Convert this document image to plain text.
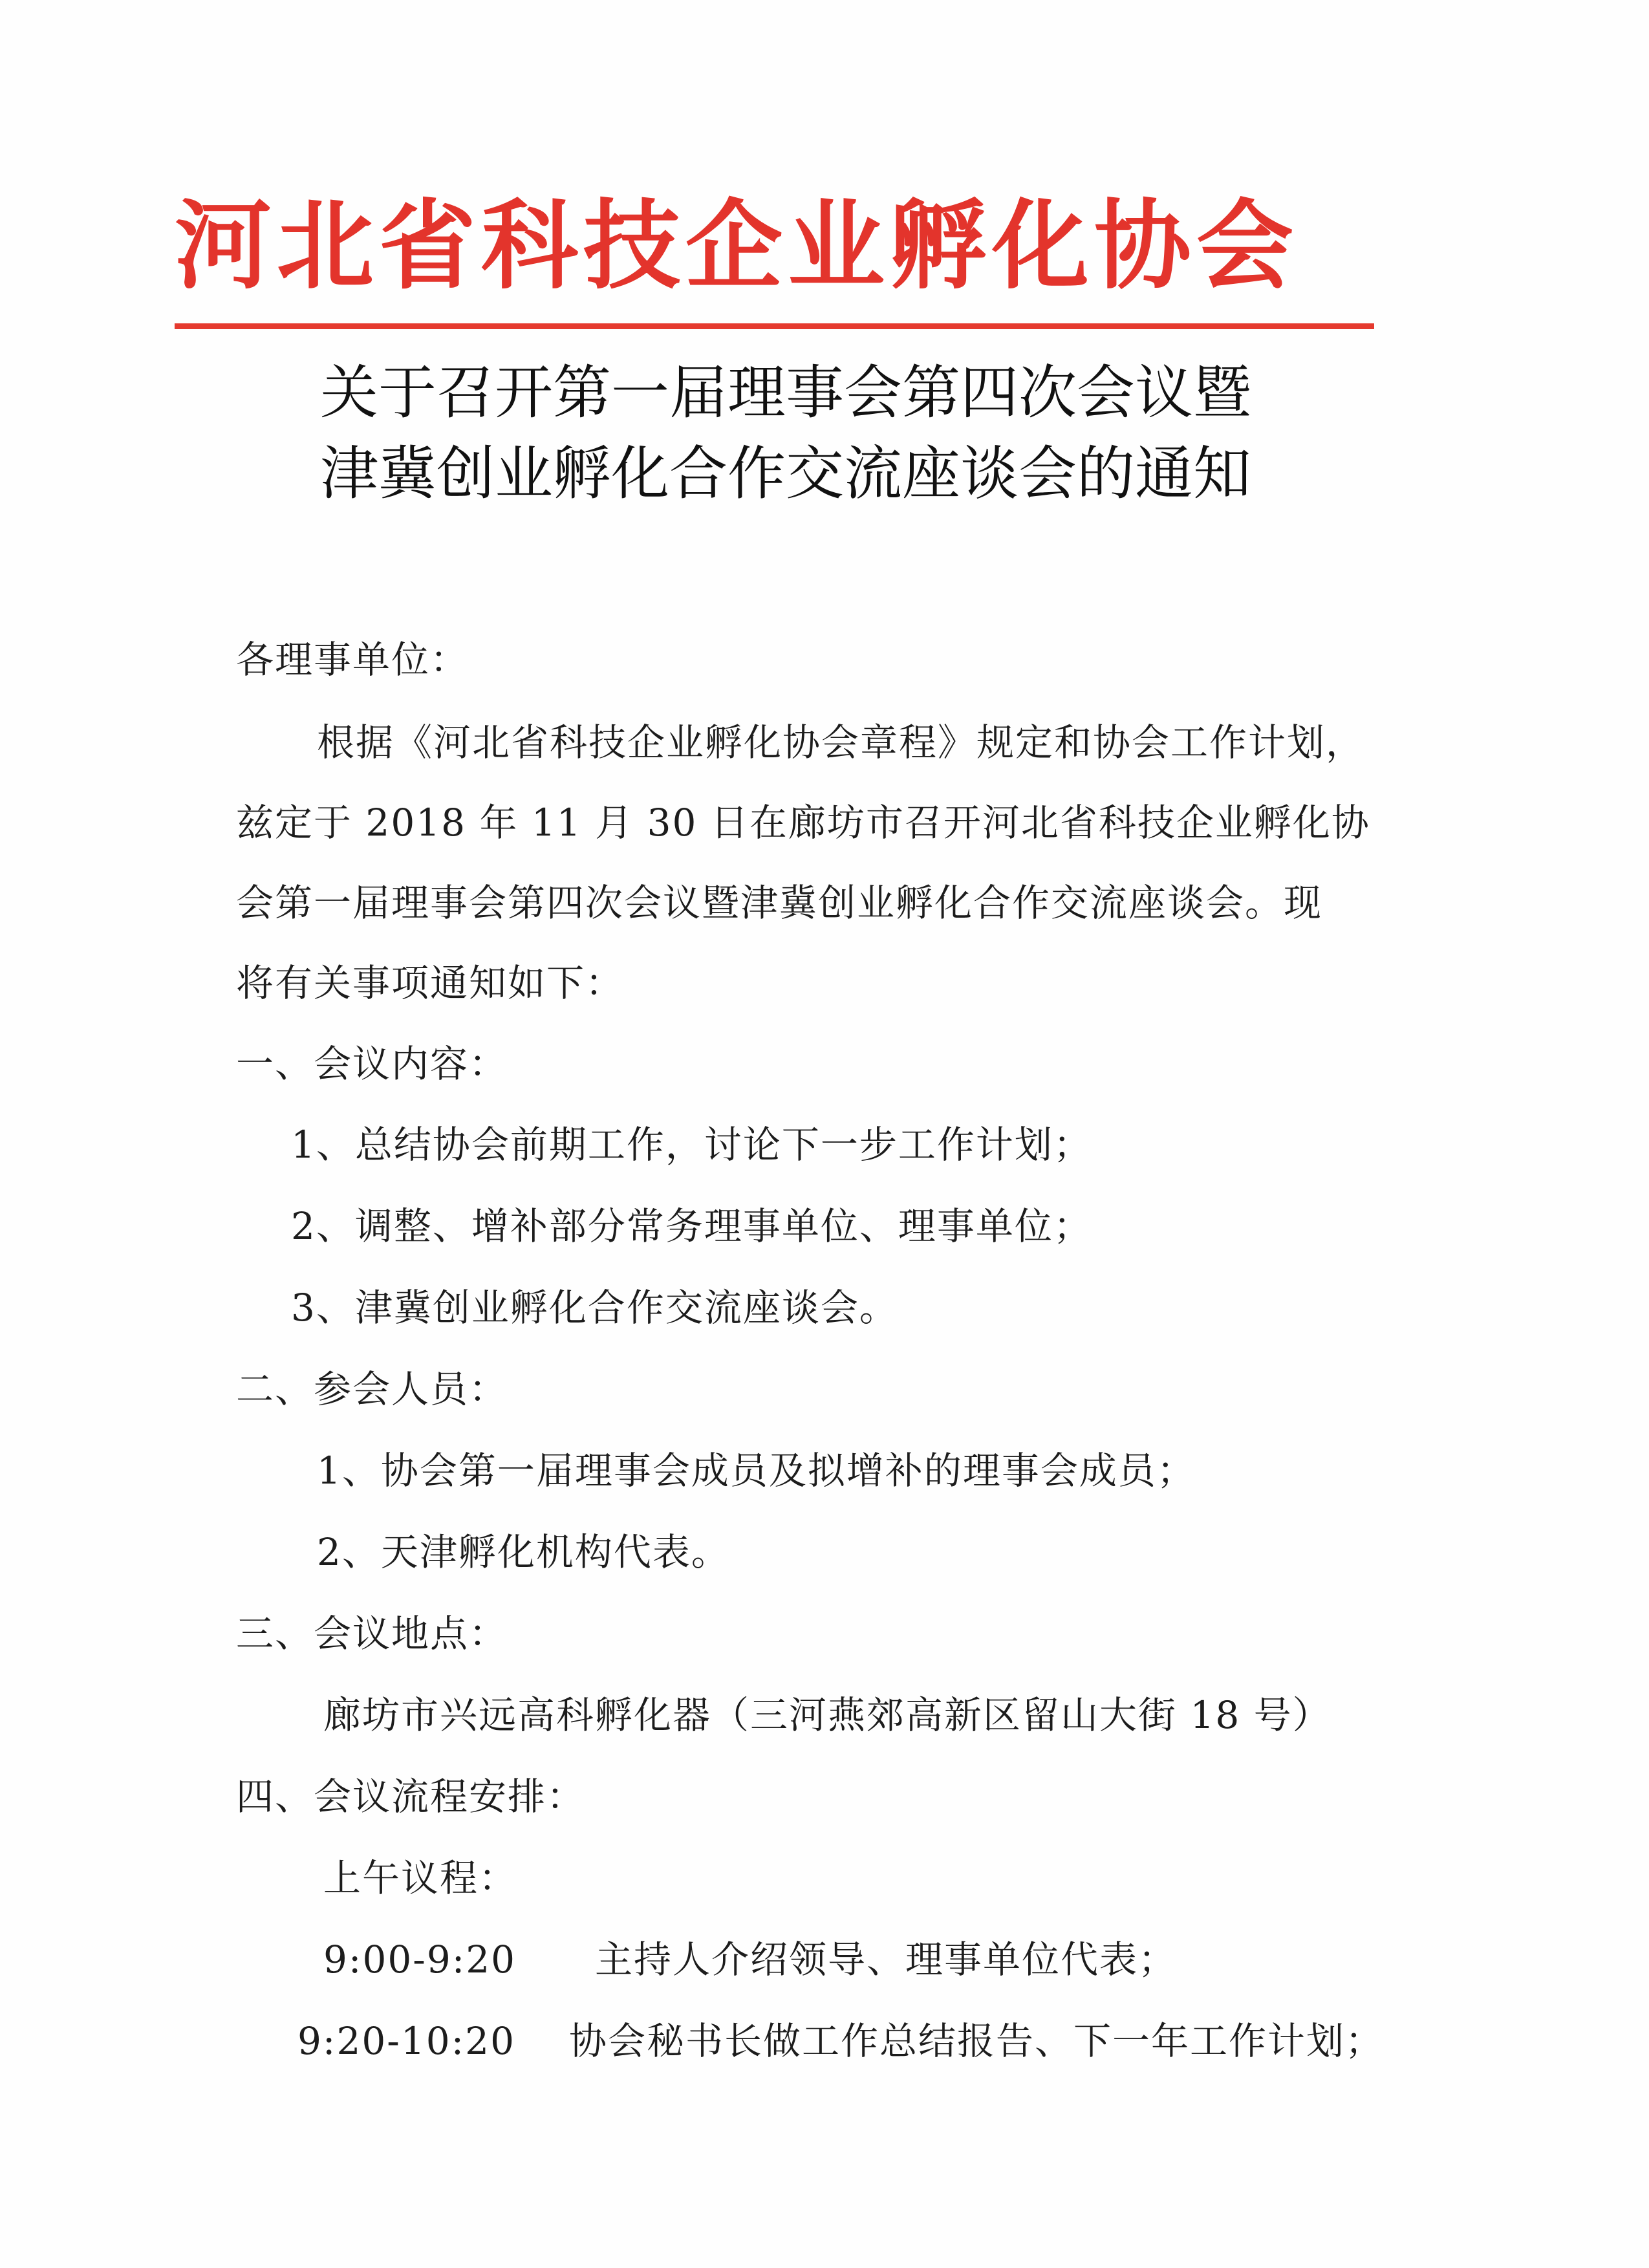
河北省科技企业孵化协会
关于召开第一届理事会第四次会议暨
津冀创业孵化合作交流座谈会的通知
各理事单位：
根据《河北省科技企业孵化协会章程》规定和协会工作计划，
兹定于 2018 年 11 月 30 日在廊坊市召开河北省科技企业孵化协
会第一届理事会第四次会议暨津冀创业孵化合作交流座谈会。现
将有关事项通知如下：
一、会议内容：
1、总结协会前期工作，讨论下一步工作计划；
2、调整、增补部分常务理事单位、理事单位；
3、津冀创业孵化合作交流座谈会。
二、参会人员：
1、协会第一届理事会成员及拟增补的理事会成员；
2、天津孵化机构代表。
三、会议地点：
廊坊市兴远高科孵化器（三河燕郊高新区留山大街 18 号）
四、会议流程安排：
上午议程：
9:00-9:20 主持人介绍领导、理事单位代表；
9:20-10:20 协会秘书长做工作总结报告、下一年工作计划；
